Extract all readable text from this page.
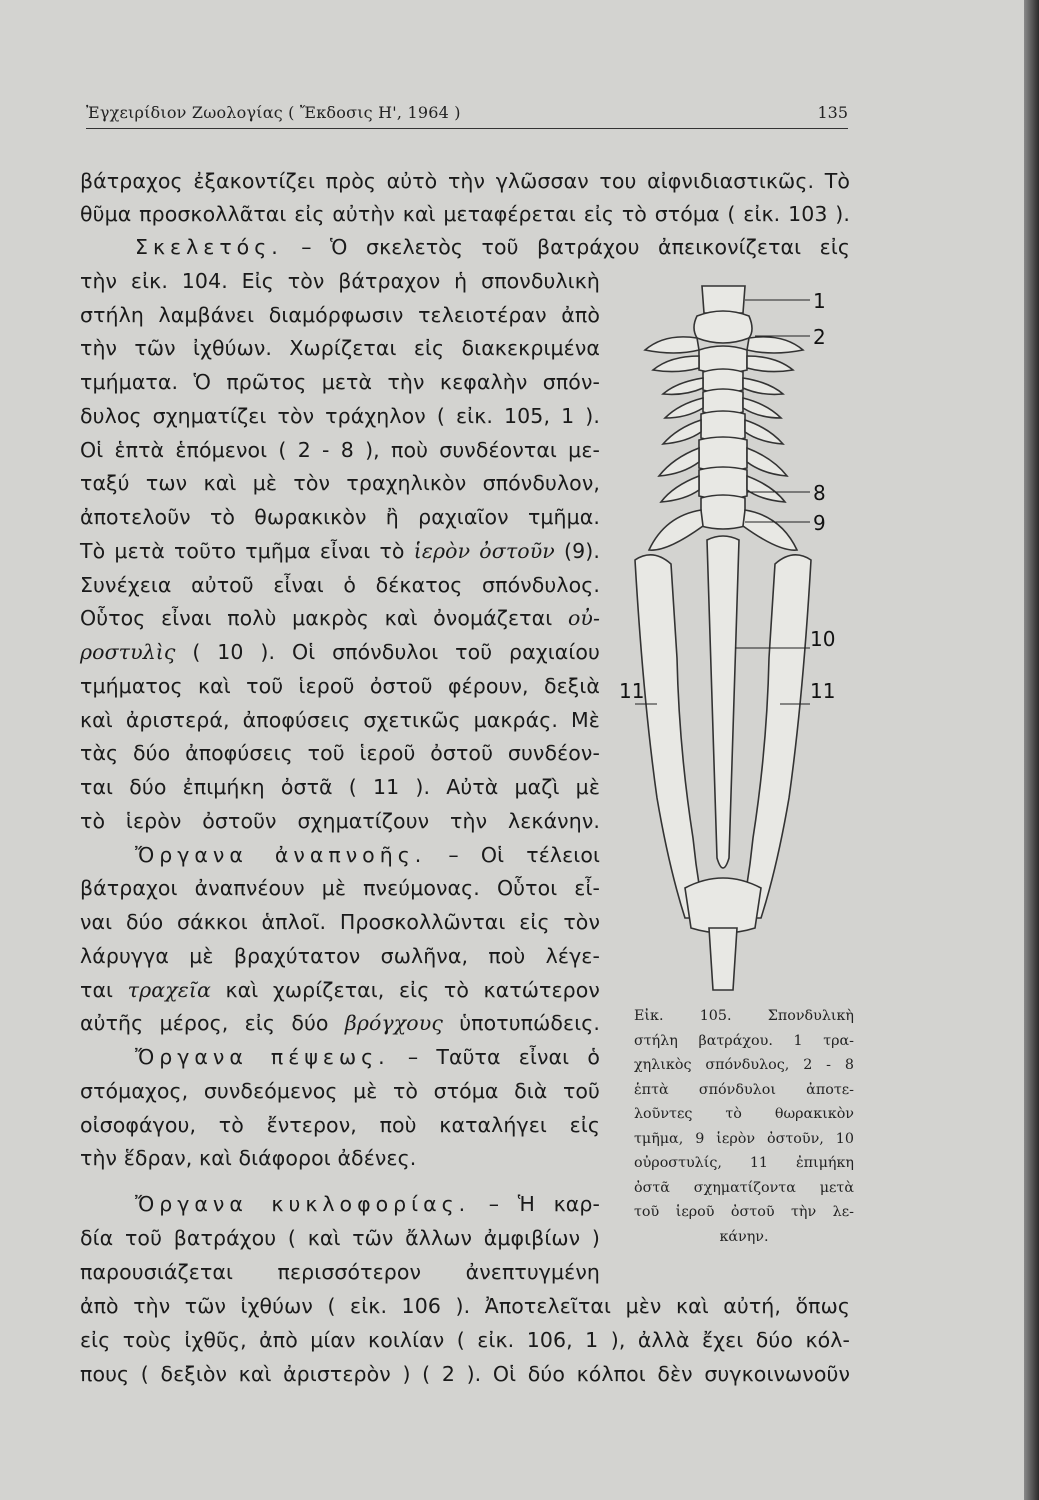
Ἐγχειρίδιον Ζωολογίας ( Ἔκδοσις Η', 1964 )	135
βάτραχος ἐξακοντίζει πρὸς αὐτὸ τὴν γλῶσσαν του αἰφνιδιαστικῶς. Τὸ
θῦμα προσκολλᾶται εἰς αὐτὴν καὶ μεταφέρεται εἰς τὸ στόμα ( εἰκ. 103 ).
Σκελετός. – Ὁ σκελετὸς τοῦ βατράχου ἀπεικονίζεται εἰς
τὴν εἰκ. 104. Εἰς τὸν βάτραχον ἡ σπονδυλικὴ
στήλη λαμβάνει διαμόρφωσιν τελειοτέραν ἀπὸ
τὴν τῶν ἰχθύων. Χωρίζεται εἰς διακεκριμένα
τμήματα. Ὁ πρῶτος μετὰ τὴν κεφαλὴν σπόν-
δυλος σχηματίζει τὸν τράχηλον ( εἰκ. 105, 1 ).
Οἱ ἑπτὰ ἑπόμενοι ( 2 - 8 ), ποὺ συνδέονται με-
ταξύ των καὶ μὲ τὸν τραχηλικὸν σπόνδυλον,
ἀποτελοῦν τὸ θωρακικὸν ἢ ραχιαῖον τμῆμα.
Τὸ μετὰ τοῦτο τμῆμα εἶναι τὸ ἱερὸν ὀστοῦν (9).
Συνέχεια αὐτοῦ εἶναι ὁ δέκατος σπόνδυλος.
Οὗτος εἶναι πολὺ μακρὸς καὶ ὀνομάζεται οὐ-
ροστυλὶς ( 10 ). Οἱ σπόνδυλοι τοῦ ραχιαίου
τμήματος καὶ τοῦ ἱεροῦ ὀστοῦ φέρουν, δεξιὰ
καὶ ἀριστερά, ἀποφύσεις σχετικῶς μακράς. Μὲ
τὰς δύο ἀποφύσεις τοῦ ἱεροῦ ὀστοῦ συνδέον-
ται δύο ἐπιμήκη ὀστᾶ ( 11 ). Αὐτὰ μαζὶ μὲ
τὸ ἱερὸν ὀστοῦν σχηματίζουν τὴν λεκάνην.
Ὄργανα ἀναπνοῆς. – Οἱ τέλειοι
βάτραχοι ἀναπνέουν μὲ πνεύμονας. Οὗτοι εἶ-
ναι δύο σάκκοι ἁπλοῖ. Προσκολλῶνται εἰς τὸν
λάρυγγα μὲ βραχύτατον σωλῆνα, ποὺ λέγε-
ται τραχεῖα καὶ χωρίζεται, εἰς τὸ κατώτερον
αὐτῆς μέρος, εἰς δύο βρόγχους ὑποτυπώδεις.
Ὄργανα πέψεως. – Ταῦτα εἶναι ὁ
στόμαχος, συνδεόμενος μὲ τὸ στόμα διὰ τοῦ
οἰσοφάγου, τὸ ἔντερον, ποὺ καταλήγει εἰς
τὴν ἕδραν, καὶ διάφοροι ἀδένες.
Ὄργανα κυκλοφορίας. – Ἡ καρ-
δία τοῦ βατράχου ( καὶ τῶν ἄλλων ἀμφιβίων )
παρουσιάζεται περισσότερον ἀνεπτυγμένη
ἀπὸ τὴν τῶν ἰχθύων ( εἰκ. 106 ). Ἀποτελεῖται μὲν καὶ αὐτή, ὅπως
εἰς τοὺς ἰχθῦς, ἀπὸ μίαν κοιλίαν ( εἰκ. 106, 1 ), ἀλλὰ ἔχει δύο κόλ-
πους ( δεξιὸν καὶ ἀριστερὸν ) ( 2 ). Οἱ δύο κόλποι δὲν συγκοινωνοῦν
1
2
8
9
10
11
11
Εἰκ. 105. Σπονδυλικὴ
στήλη βατράχου. 1 τρα-
χηλικὸς σπόνδυλος, 2 - 8
ἑπτὰ σπόνδυλοι ἀποτε-
λοῦντες τὸ θωρακικὸν
τμῆμα, 9 ἱερὸν ὀστοῦν, 10
οὐροστυλίς, 11 ἐπιμήκη
ὀστᾶ σχηματίζοντα μετὰ
τοῦ ἱεροῦ ὀστοῦ τὴν λε-
κάνην.
